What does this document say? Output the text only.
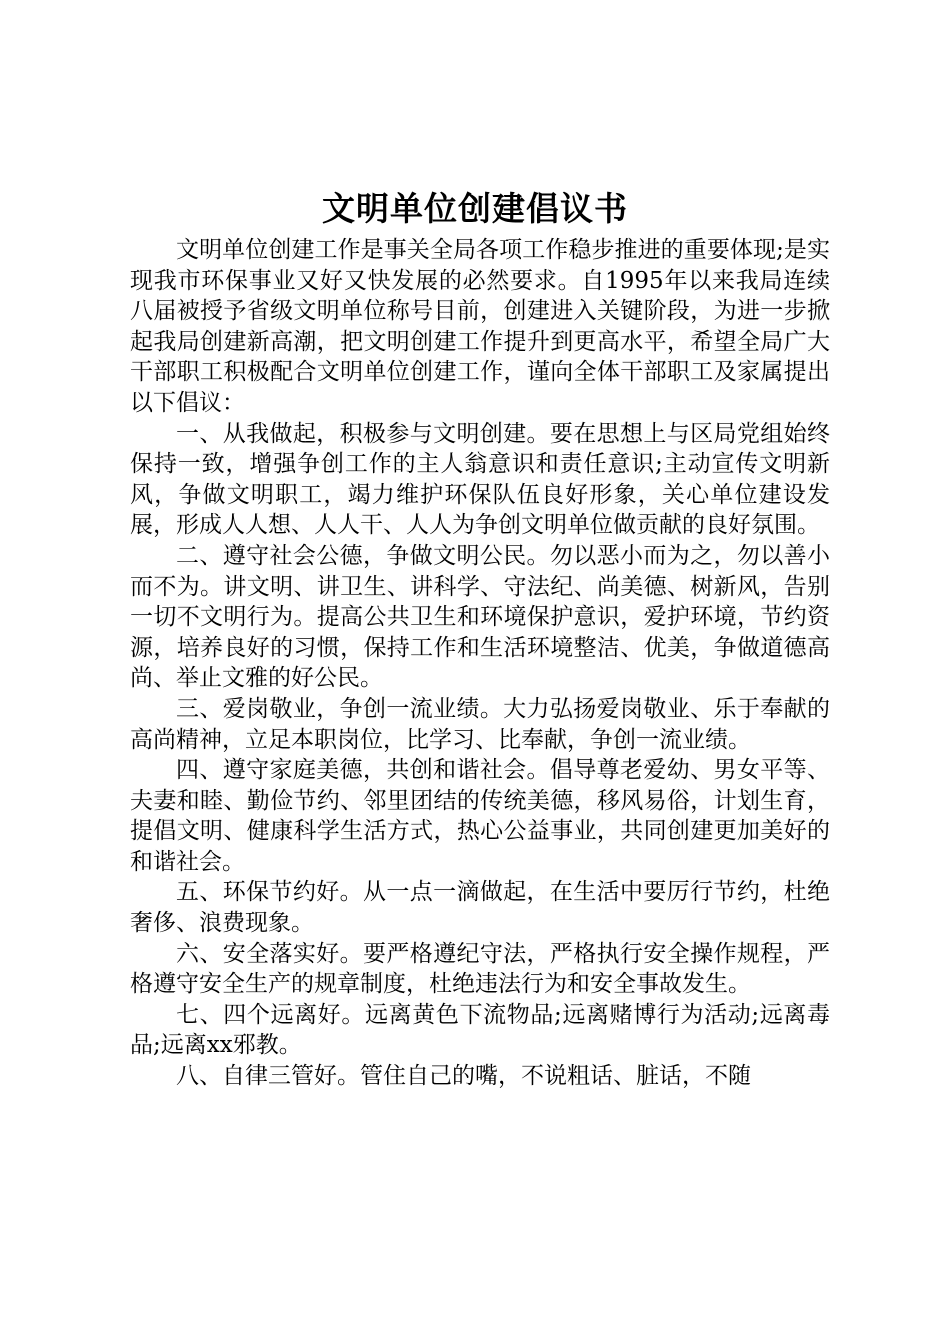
文明单位创建倡议书

文明单位创建工作是事关全局各项工作稳步推进的重要体现;是实现我市环保事业又好又快发展的必然要求。自1995年以来我局连续八届被授予省级文明单位称号目前，创建进入关键阶段，为进一步掀起我局创建新高潮，把文明创建工作提升到更高水平，希望全局广大干部职工积极配合文明单位创建工作，谨向全体干部职工及家属提出以下倡议：

一、从我做起，积极参与文明创建。要在思想上与区局党组始终保持一致，增强争创工作的主人翁意识和责任意识;主动宣传文明新风，争做文明职工，竭力维护环保队伍良好形象，关心单位建设发展，形成人人想、人人干、人人为争创文明单位做贡献的良好氛围。

二、遵守社会公德，争做文明公民。勿以恶小而为之，勿以善小而不为。讲文明、讲卫生、讲科学、守法纪、尚美德、树新风，告别一切不文明行为。提高公共卫生和环境保护意识，爱护环境，节约资源，培养良好的习惯，保持工作和生活环境整洁、优美，争做道德高尚、举止文雅的好公民。

三、爱岗敬业，争创一流业绩。大力弘扬爱岗敬业、乐于奉献的高尚精神，立足本职岗位，比学习、比奉献，争创一流业绩。

四、遵守家庭美德，共创和谐社会。倡导尊老爱幼、男女平等、夫妻和睦、勤俭节约、邻里团结的传统美德，移风易俗，计划生育，提倡文明、健康科学生活方式，热心公益事业，共同创建更加美好的和谐社会。

五、环保节约好。从一点一滴做起，在生活中要厉行节约，杜绝奢侈、浪费现象。

六、安全落实好。要严格遵纪守法，严格执行安全操作规程，严格遵守安全生产的规章制度，杜绝违法行为和安全事故发生。

七、四个远离好。远离黄色下流物品;远离赌博行为活动;远离毒品;远离xx邪教。

八、自律三管好。管住自己的嘴，不说粗话、脏话，不随
